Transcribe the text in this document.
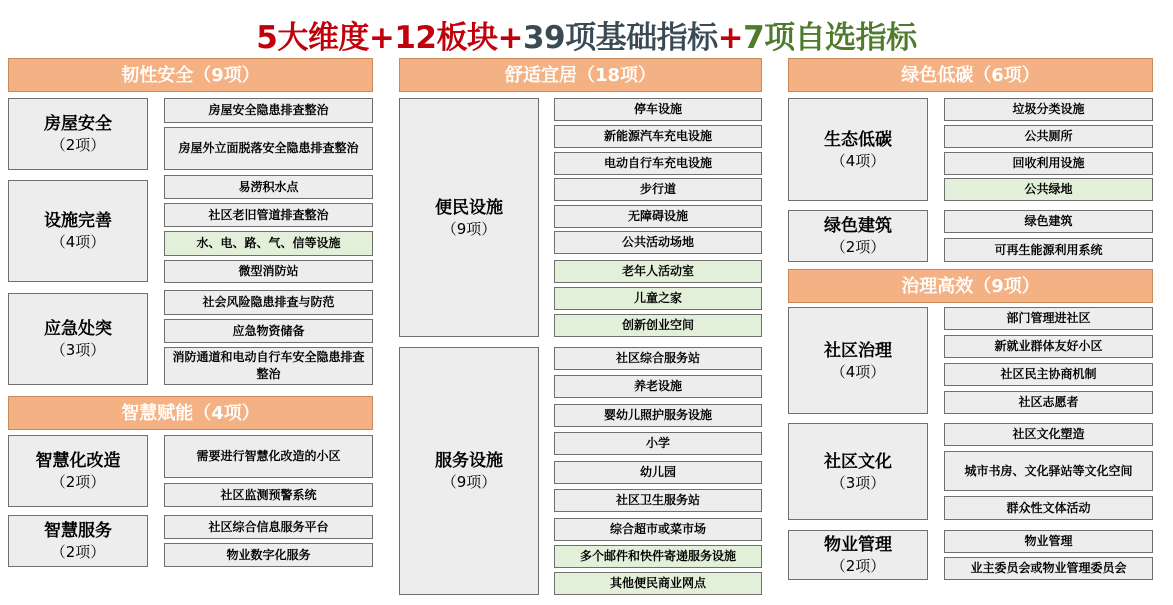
5大维度+12板块+39项基础指标+7项自选指标
韧性安全（9项）
房屋安全
（2项）
房屋安全隐患排查整治
房屋外立面脱落安全隐患排查整治
设施完善
（4项）
易涝积水点
社区老旧管道排查整治
水、电、路、气、信等设施
微型消防站
应急处突
（3项）
社会风险隐患排查与防范
应急物资储备
消防通道和电动自行车安全隐患排查整治
智慧赋能（4项）
智慧化改造
（2项）
需要进行智慧化改造的小区
社区监测预警系统
智慧服务
（2项）
社区综合信息服务平台
物业数字化服务
舒适宜居（18项）
便民设施
（9项）
停车设施
新能源汽车充电设施
电动自行车充电设施
步行道
无障碍设施
公共活动场地
老年人活动室
儿童之家
创新创业空间
服务设施
（9项）
社区综合服务站
养老设施
婴幼儿照护服务设施
小学
幼儿园
社区卫生服务站
综合超市或菜市场
多个邮件和快件寄递服务设施
其他便民商业网点
绿色低碳（6项）
生态低碳
（4项）
垃圾分类设施
公共厕所
回收利用设施
公共绿地
绿色建筑
（2项）
绿色建筑
可再生能源利用系统
治理高效（9项）
社区治理
（4项）
部门管理进社区
新就业群体友好小区
社区民主协商机制
社区志愿者
社区文化
（3项）
社区文化塑造
城市书房、文化驿站等文化空间
群众性文体活动
物业管理
（2项）
物业管理
业主委员会或物业管理委员会
